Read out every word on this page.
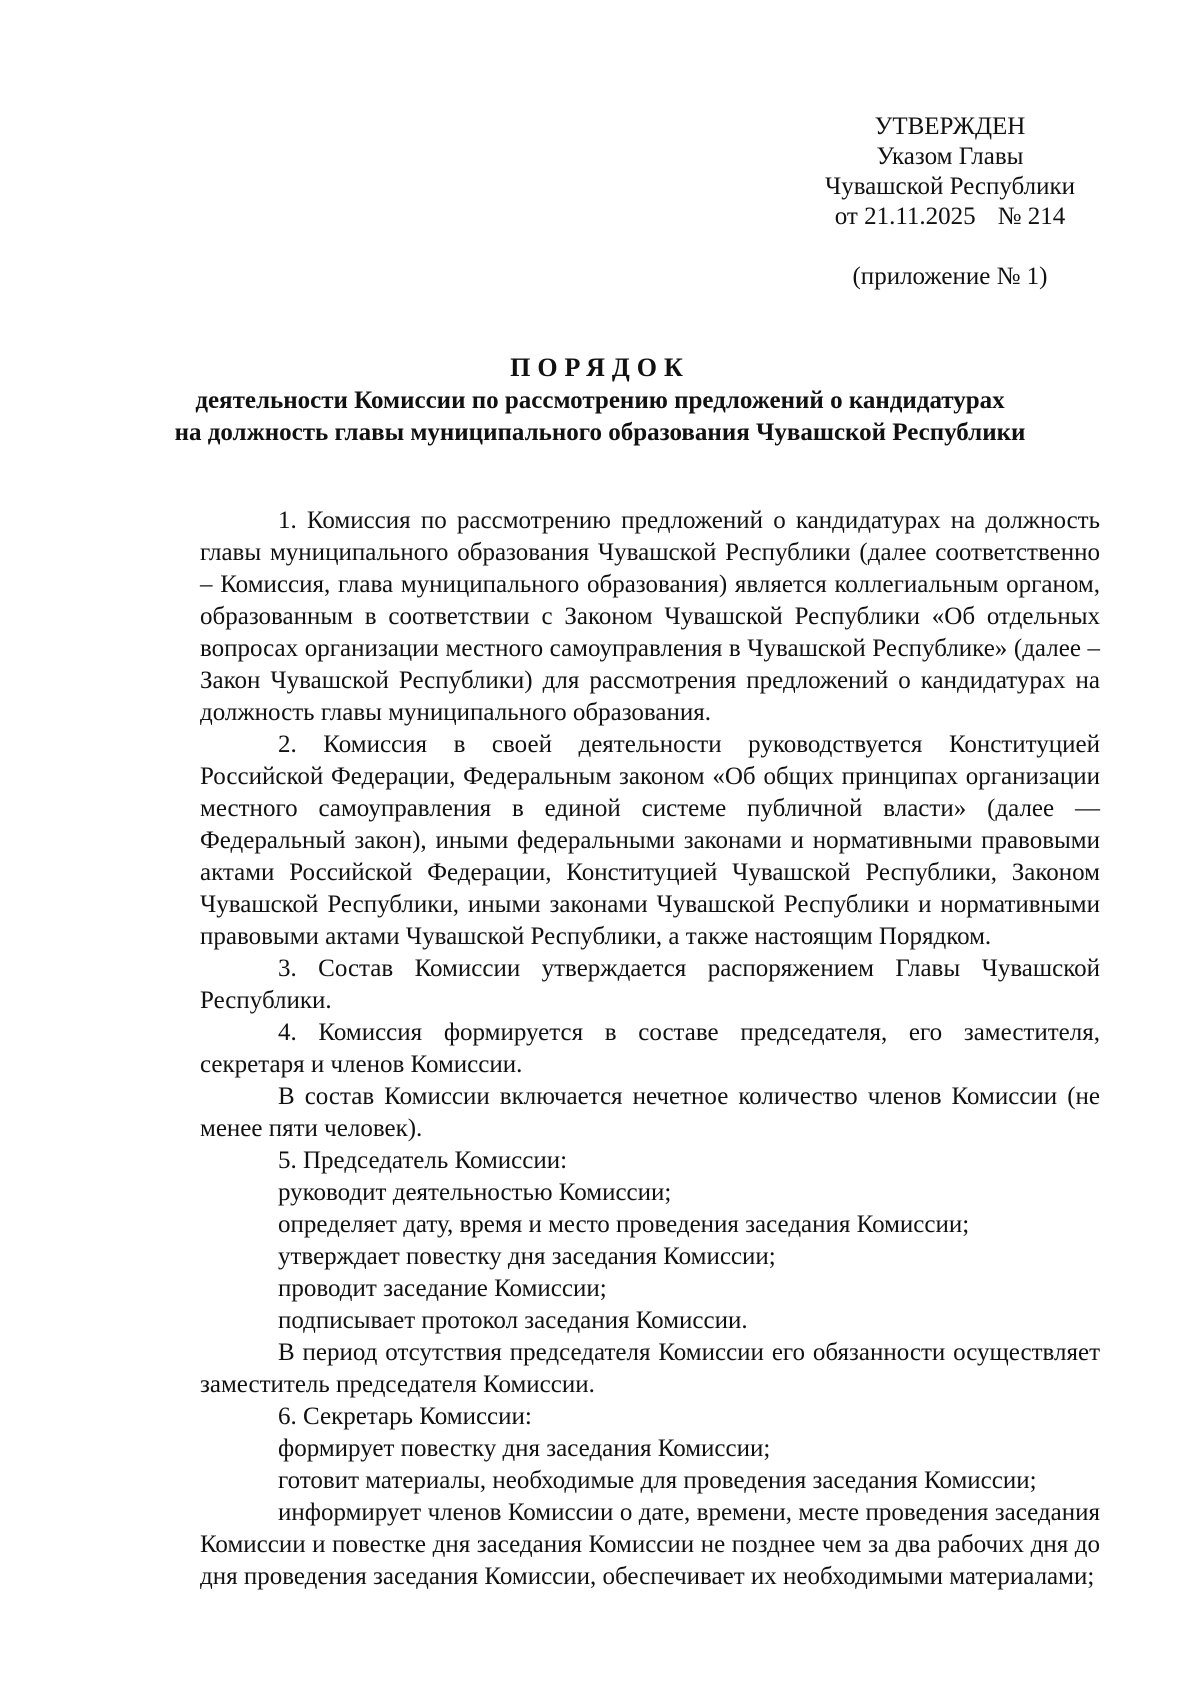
УТВЕРЖДЕН
Указом Главы
Чувашской Республики
от 21.11.2025 № 214
(приложение № 1)
ПОРЯДОК
деятельности Комиссии по рассмотрению предложений о кандидатурах
на должность главы муниципального образования Чувашской Республики

1. Комиссия по рассмотрению предложений о кандидатурах на должность главы муниципального образования Чувашской Республики (далее соответственно – Комиссия, глава муниципального образования) является коллегиальным органом, образованным в соответствии с Законом Чувашской Республики «Об отдельных вопросах организации местного самоуправления в Чувашской Республике» (далее – Закон Чувашской Республики) для рассмотрения предложений о кандидатурах на должность главы муниципального образования.

2. Комиссия в своей деятельности руководствуется Конституцией Российской Федерации, Федеральным законом «Об общих принципах организации местного самоуправления в единой системе публичной власти» (далее — Федеральный закон), иными федеральными законами и нормативными правовыми актами Российской Федерации, Конституцией Чувашской Республики, Законом Чувашской Республики, иными законами Чувашской Республики и нормативными правовыми актами Чувашской Республики, а также настоящим Порядком.

3. Состав Комиссии утверждается распоряжением Главы Чувашской Республики.

4. Комиссия формируется в составе председателя, его заместителя, секретаря и членов Комиссии.

В состав Комиссии включается нечетное количество членов Комиссии (не менее пяти человек).

5. Председатель Комиссии:

руководит деятельностью Комиссии;

определяет дату, время и место проведения заседания Комиссии;

утверждает повестку дня заседания Комиссии;

проводит заседание Комиссии;

подписывает протокол заседания Комиссии.

В период отсутствия председателя Комиссии его обязанности осуществляет заместитель председателя Комиссии.

6. Секретарь Комиссии:

формирует повестку дня заседания Комиссии;

готовит материалы, необходимые для проведения заседания Комиссии;

информирует членов Комиссии о дате, времени, месте проведения заседания Комиссии и повестке дня заседания Комиссии не позднее чем за два рабочих дня до дня проведения заседания Комиссии, обеспечивает их необходимыми материалами;
